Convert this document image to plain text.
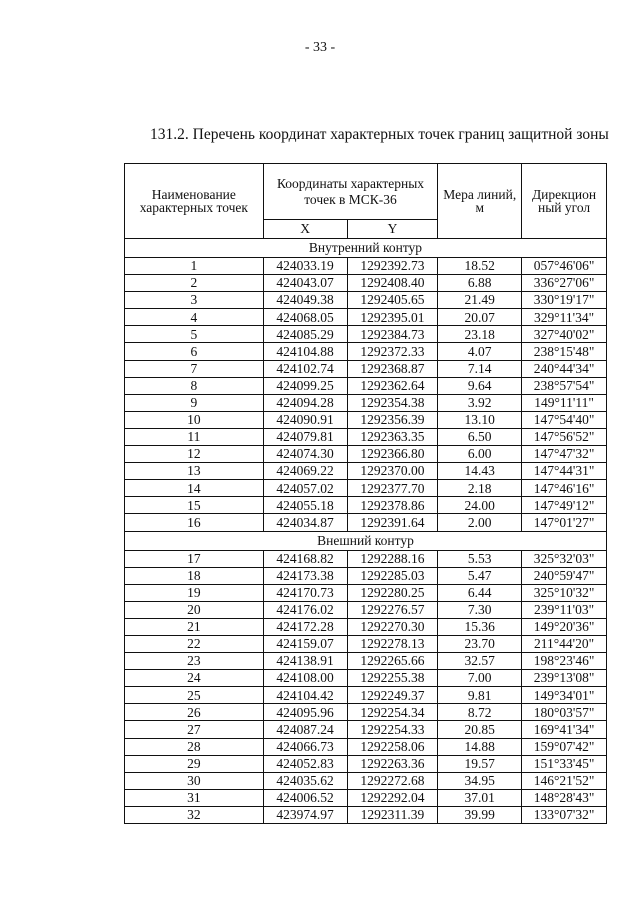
- 33 -
131.2. Перечень координат характерных точек границ защитной зоны
Наименование характерных точек	Координаты характерных точек в МСК-36		Мера линий, м	Дирекцион ный угол
	X	Y		
Внутренний контур				
1	424033.19	1292392.73	18.52	057°46'06"
2	424043.07	1292408.40	6.88	336°27'06"
3	424049.38	1292405.65	21.49	330°19'17"
4	424068.05	1292395.01	20.07	329°11'34"
5	424085.29	1292384.73	23.18	327°40'02"
6	424104.88	1292372.33	4.07	238°15'48"
7	424102.74	1292368.87	7.14	240°44'34"
8	424099.25	1292362.64	9.64	238°57'54"
9	424094.28	1292354.38	3.92	149°11'11"
10	424090.91	1292356.39	13.10	147°54'40"
11	424079.81	1292363.35	6.50	147°56'52"
12	424074.30	1292366.80	6.00	147°47'32"
13	424069.22	1292370.00	14.43	147°44'31"
14	424057.02	1292377.70	2.18	147°46'16"
15	424055.18	1292378.86	24.00	147°49'12"
16	424034.87	1292391.64	2.00	147°01'27"
Внешний контур				
17	424168.82	1292288.16	5.53	325°32'03"
18	424173.38	1292285.03	5.47	240°59'47"
19	424170.73	1292280.25	6.44	325°10'32"
20	424176.02	1292276.57	7.30	239°11'03"
21	424172.28	1292270.30	15.36	149°20'36"
22	424159.07	1292278.13	23.70	211°44'20"
23	424138.91	1292265.66	32.57	198°23'46"
24	424108.00	1292255.38	7.00	239°13'08"
25	424104.42	1292249.37	9.81	149°34'01"
26	424095.96	1292254.34	8.72	180°03'57"
27	424087.24	1292254.33	20.85	169°41'34"
28	424066.73	1292258.06	14.88	159°07'42"
29	424052.83	1292263.36	19.57	151°33'45"
30	424035.62	1292272.68	34.95	146°21'52"
31	424006.52	1292292.04	37.01	148°28'43"
32	423974.97	1292311.39	39.99	133°07'32"
